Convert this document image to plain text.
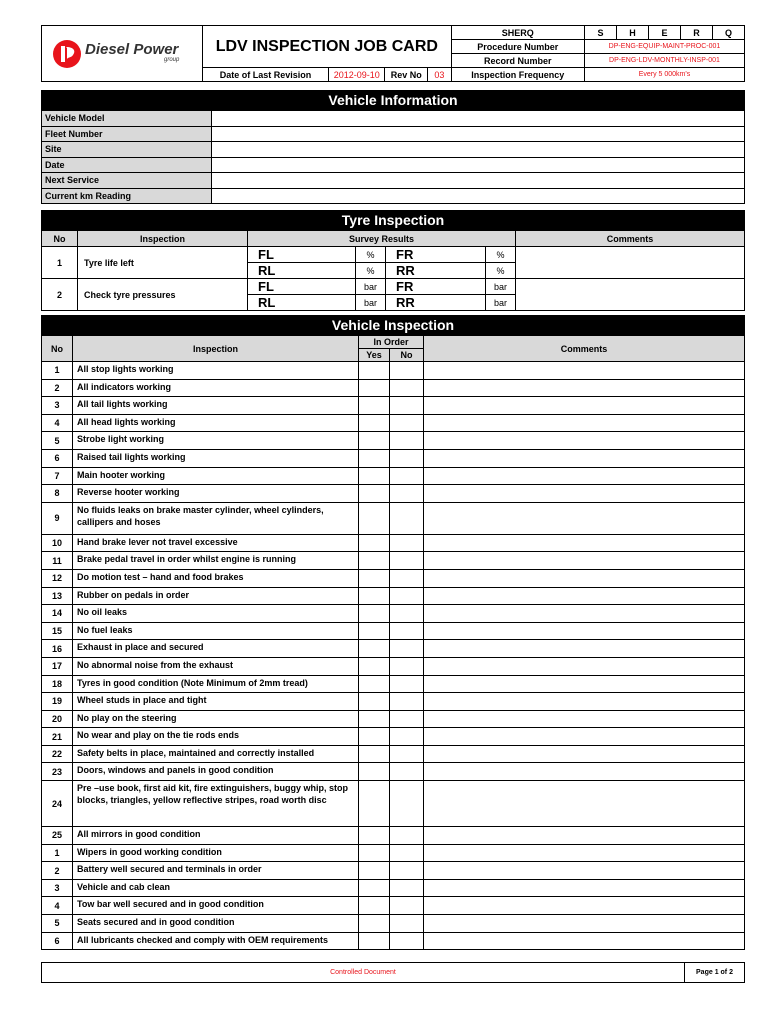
Diesel Power
group	LDV INSPECTION JOB CARD				SHERQ	S	H	E	R	Q
					Procedure Number	DP-ENG-EQUIP-MAINT-PROC-001				
					Record Number	DP-ENG-LDV-MONTHLY-INSP-001				
	Date of Last Revision	2012-09-10	Rev No	03	Inspection Frequency	Every 5 000km's				
Vehicle Information
Vehicle Model	
Fleet Number	
Site	
Date	
Next Service	
Current km Reading	
Tyre Inspection
No	Inspection	Survey Results						Comments
1	Tyre life left	FL		%	FR		%	
		RL		%	RR		%	
2	Check tyre pressures	FL		bar	FR		bar	
		RL		bar	RR		bar	
Vehicle Inspection
No	Inspection	In Order		Comments
		Yes	No	
1	All stop lights working			
2	All indicators working			
3	All tail lights working			
4	All head lights working			
5	Strobe light working			
6	Raised tail lights working			
7	Main hooter working			
8	Reverse hooter working			
9	No fluids leaks on brake master cylinder, wheel cylinders, callipers and hoses			
10	Hand brake lever not travel excessive			
11	Brake pedal travel in order whilst engine is running			
12	Do motion test – hand and food brakes			
13	Rubber on pedals in order			
14	No oil leaks			
15	No fuel leaks			
16	Exhaust in place and secured			
17	No abnormal noise from the exhaust			
18	Tyres in good condition (Note Minimum of 2mm tread)			
19	Wheel studs in place and tight			
20	No play on the steering			
21	No wear and play on the tie rods ends			
22	Safety belts in place, maintained and correctly installed			
23	Doors, windows and panels in good condition			
24	Pre –use book, first aid kit, fire extinguishers, buggy whip, stop blocks, triangles, yellow reflective stripes, road worth disc			
25	All mirrors in good condition			
1	Wipers in good working condition			
2	Battery well secured and terminals in order			
3	Vehicle and cab clean			
4	Tow bar well secured and in good condition			
5	Seats secured and in good condition			
6	All lubricants checked and comply with OEM requirements			
Controlled Document	Page 1 of 2
